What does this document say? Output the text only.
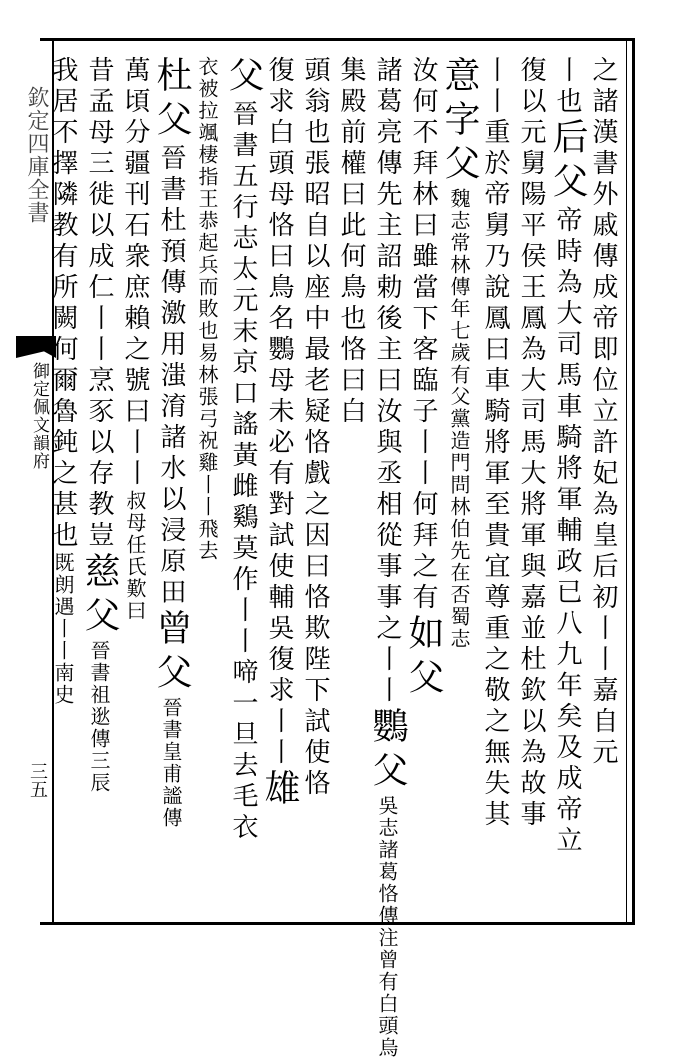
欽定四庫全書
御定佩文韻府
三五
之諸漢書外戚傳成帝即位立許妃為皇后初丨丨嘉自元
丨也后父帝時為大司馬車騎將軍輔政已八九年矣及成帝立
復以元舅陽平侯王鳳為大司馬大將軍與嘉並杜欽以為故事
丨丨重於帝舅乃說鳳曰車騎將軍至貴宜尊重之敬之無失其
意字父魏志常林傳年七歲有父黨造門問林伯先在否蜀志
汝何不拜林曰雖當下客臨子丨丨何拜之有如父
諸葛亮傳先主詔勅後主曰汝與丞相從事事之丨丨鸚父吳志諸葛恪傳注曾有白頭烏
集殿前權曰此何鳥也恪曰白
頭翁也張昭自以座中最老疑恪戲之因曰恪欺陛下試使恪
復求白頭母恪曰鳥名鸚母未必有對試使輔吳復求丨丨雄
父晉書五行志太元末京口謠黃雌鷄莫作丨丨啼一旦去毛衣
衣被拉颯棲指王恭起兵而敗也易林張弓祝雞丨丨飛去
杜父晉書杜預傳激用滍淯諸水以浸原田曾父晉書皇甫謐傳
萬頃分疆刊石衆庶賴之號曰丨丨叔母任氏歎曰
昔孟母三徙以成仁丨丨烹豕以存教豈慈父晉書祖逖傳三辰
我居不擇隣教有所闕何爾魯鈍之甚也既朗遇丨丨南史
